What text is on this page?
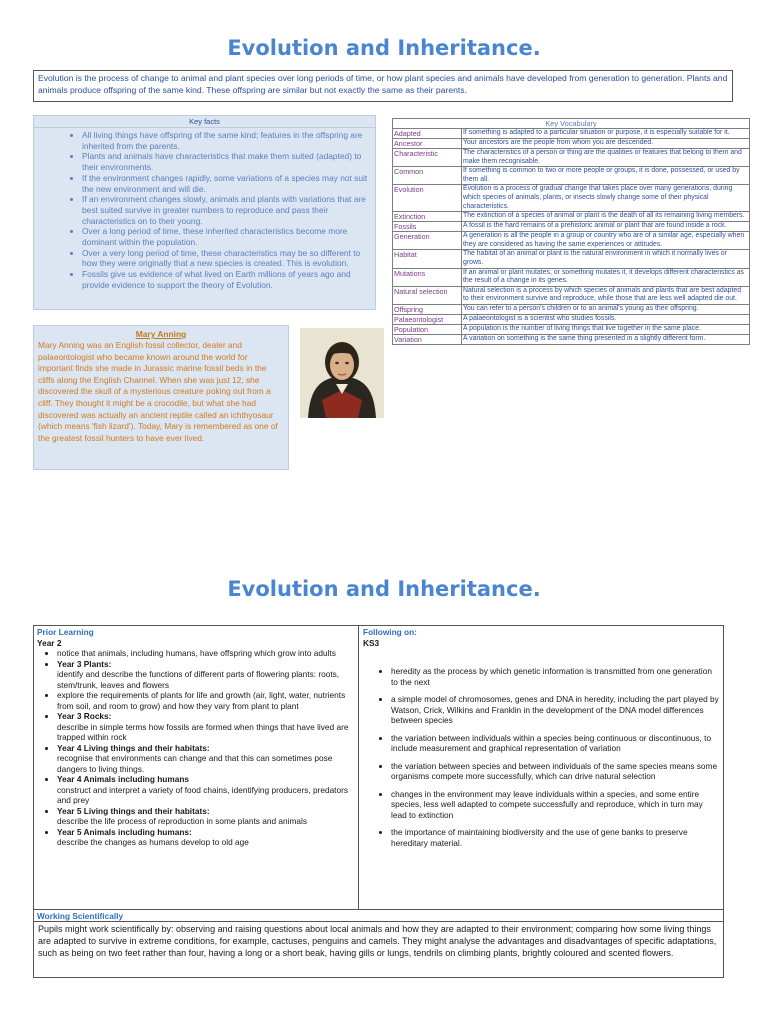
Evolution and Inheritance.
Evolution is the process of change to animal and plant species over long periods of time, or how plant species and animals have developed from generation to generation. Plants and animals produce offspring of the same kind. These offspring are similar but not exactly the same as their parents.
Key facts
• All living things have offspring of the same kind; features in the offspring are inherited from the parents.
• Plants and animals have characteristics that make them suited (adapted) to their environments.
• If the environment changes rapidly, some variations of a species may not suit the new environment and will die.
• If an environment changes slowly, animals and plants with variations that are best suited survive in greater numbers to reproduce and pass their characteristics on to their young.
• Over a long period of time, these inherited characteristics become more dominant within the population.
• Over a very long period of time, these characteristics may be so different to how they were originally that a new species is created. This is evolution.
• Fossils give us evidence of what lived on Earth millions of years ago and provide evidence to support the theory of Evolution.
Mary Anning
Mary Anning was an English fossil collector, dealer and palaeontologist who became known around the world for important finds she made in Jurassic marine fossil beds in the cliffs along the English Channel. When she was just 12, she discovered the skull of a mysterious creature poking out from a cliff. They thought it might be a crocodile, but what she had discovered was actually an ancient reptile called an ichthyosaur (which means 'fish lizard'). Today, Mary is remembered as one of the greatest fossil hunters to have ever lived.
Key Vocabulary	
Adapted	If something is adapted to a particular situation or purpose, it is especially suitable for it.
Ancestor	Your ancestors are the people from whom you are descended.
Characteristic	The characteristics of a person or thing are the qualities or features that belong to them and make them recognisable.
Common	If something is common to two or more people or groups, it is done, possessed, or used by them all.
Evolution	Evolution is a process of gradual change that takes place over many generations, during which species of animals, plants, or insects slowly change some of their physical characteristics.
Extinction	The extinction of a species of animal or plant is the death of all its remaining living members.
Fossils	A fossil is the hard remains of a prehistoric animal or plant that are found inside a rock.
Generation	A generation is all the people in a group or country who are of a similar age, especially when they are considered as having the same experiences or attitudes.
Habitat	The habitat of an animal or plant is the natural environment in which it normally lives or grows.
Mutations	If an animal or plant mutates, or something mutates it, it develops different characteristics as the result of a change in its genes.
Natural selection	Natural selection is a process by which species of animals and plants that are best adapted to their environment survive and reproduce, while those that are less well adapted die out.
Offspring	You can refer to a person's children or to an animal's young as their offspring.
Palaeontologist	A palaeontologist is a scientist who studies fossils.
Population	A population is the number of living things that live together in the same place.
Variation	A variation on something is the same thing presented in a slightly different form.
Evolution and Inheritance.
Prior Learning
Year 2
• notice that animals, including humans, have offspring which grow into adults
• Year 3 Plants:
identify and describe the functions of different parts of flowering plants: roots, stem/trunk, leaves and flowers
• explore the requirements of plants for life and growth (air, light, water, nutrients from soil, and room to grow) and how they vary from plant to plant
• Year 3 Rocks:
describe in simple terms how fossils are formed when things that have lived are trapped within rock
• Year 4 Living things and their habitats:
recognise that environments can change and that this can sometimes pose dangers to living things.
• Year 4 Animals including humans
construct and interpret a variety of food chains, identifying producers, predators and prey
• Year 5 Living things and their habitats:
describe the life process of reproduction in some plants and animals
• Year 5 Animals including humans:
describe the changes as humans develop to old age
Following on:
KS3
• heredity as the process by which genetic information is transmitted from one generation to the next
• a simple model of chromosomes, genes and DNA in heredity, including the part played by Watson, Crick, Wilkins and Franklin in the development of the DNA model differences between species
• the variation between individuals within a species being continuous or discontinuous, to include measurement and graphical representation of variation
• the variation between species and between individuals of the same species means some organisms compete more successfully, which can drive natural selection
• changes in the environment may leave individuals within a species, and some entire species, less well adapted to compete successfully and reproduce, which in turn may lead to extinction
• the importance of maintaining biodiversity and the use of gene banks to preserve hereditary material.
Working Scientifically
Pupils might work scientifically by: observing and raising questions about local animals and how they are adapted to their environment; comparing how some living things are adapted to survive in extreme conditions, for example, cactuses, penguins and camels. They might analyse the advantages and disadvantages of specific adaptations, such as being on two feet rather than four, having a long or a short beak, having gills or lungs, tendrils on climbing plants, brightly coloured and scented flowers.
